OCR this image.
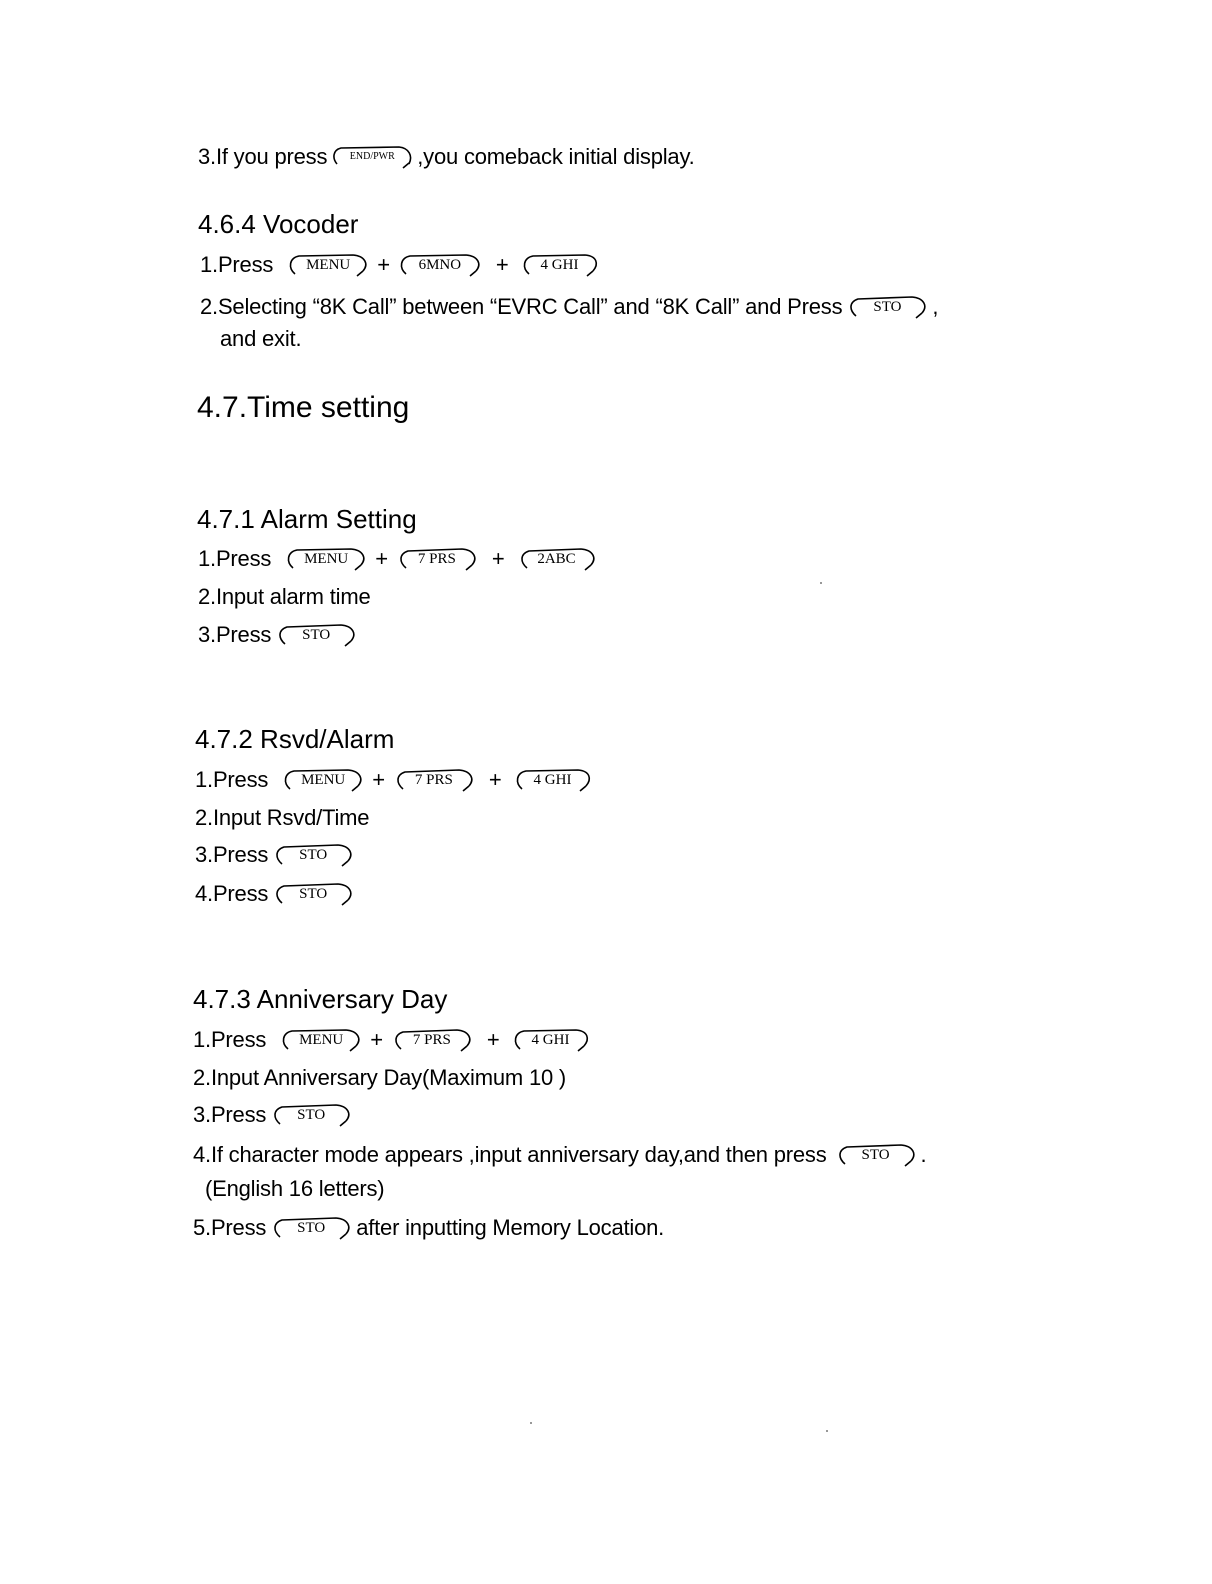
3.If you press	END/PWR	,you comeback initial display.
4.6.4 Vocoder
1.Press	MENU	+	6MNO	+	4 GHI
2.Selecting “8K Call” between “EVRC Call” and “8K Call” and Press	STO	,
and exit.
4.7.Time setting
4.7.1 Alarm Setting
1.Press	MENU	+	7 PRS	+	2ABC
2.Input alarm time
3.Press	STO
4.7.2 Rsvd/Alarm
1.Press	MENU	+	7 PRS	+	4 GHI
2.Input Rsvd/Time
3.Press	STO
4.Press	STO
4.7.3 Anniversary Day
1.Press	MENU	+	7 PRS	+	4 GHI
2.Input Anniversary Day(Maximum 10 )
3.Press	STO
4.If character mode appears ,input anniversary day,and then press	STO	.
(English 16 letters)
5.Press	STO	after inputting Memory Location.
